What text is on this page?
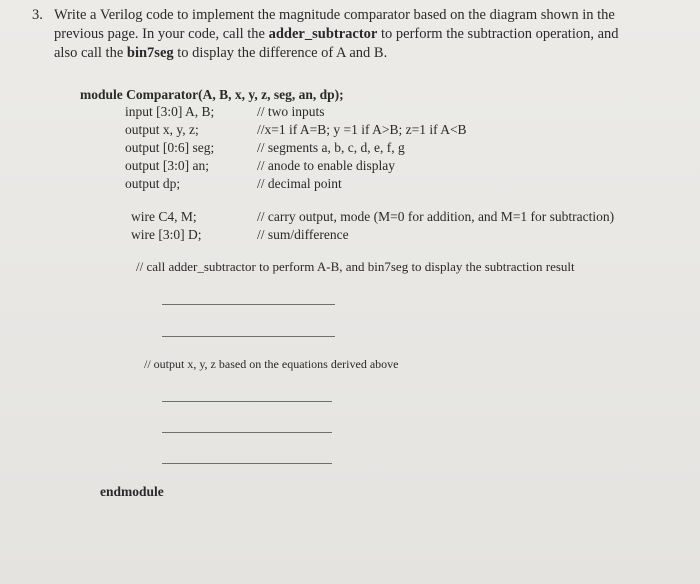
3. Write a Verilog code to implement the magnitude comparator based on the diagram shown in the
previous page. In your code, call the adder_subtractor to perform the subtraction operation, and
also call the bin7seg to display the difference of A and B.
module Comparator(A, B, x, y, z, seg, an, dp);
input [3:0] A, B;	// two inputs
output x, y, z;	//x=1 if A=B; y =1 if A>B; z=1 if A<B
output [0:6] seg;	// segments a, b, c, d, e, f, g
output [3:0] an;	// anode to enable display
output dp;	// decimal point
wire C4, M;	// carry output, mode (M=0 for addition, and M=1 for subtraction)
wire [3:0] D;	// sum/difference
// call adder_subtractor to perform A-B, and bin7seg to display the subtraction result
// output x, y, z based on the equations derived above
endmodule
